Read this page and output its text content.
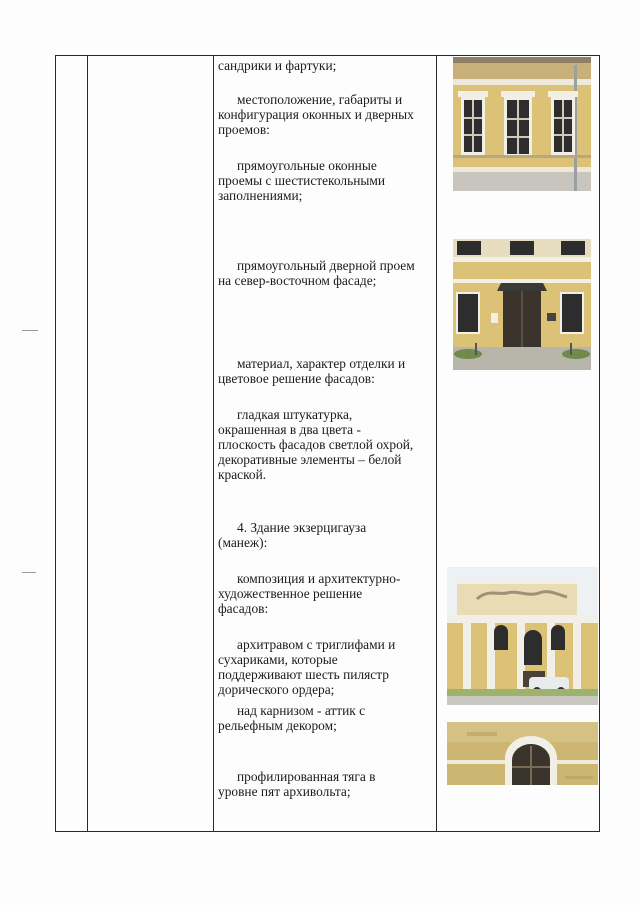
сандрики и фартуки;
местоположение, габариты и
конфигурация оконных и дверных
проемов:
прямоугольные оконные
проемы с шестистекольными
заполнениями;
прямоугольный дверной проем
на север-восточном фасаде;
материал, характер отделки и
цветовое решение фасадов:
гладкая штукатурка,
окрашенная в два цвета -
плоскость фасадов светлой охрой,
декоративные элементы – белой
краской.
4. Здание экзерцигауза
(манеж):
композиция и архитектурно-
художественное решение
фасадов:
архитравом с триглифами и
сухариками, которые
поддерживают шесть пилястр
дорического ордера;
над карнизом - аттик с
рельефным декором;
профилированная тяга в
уровне пят архивольта;
